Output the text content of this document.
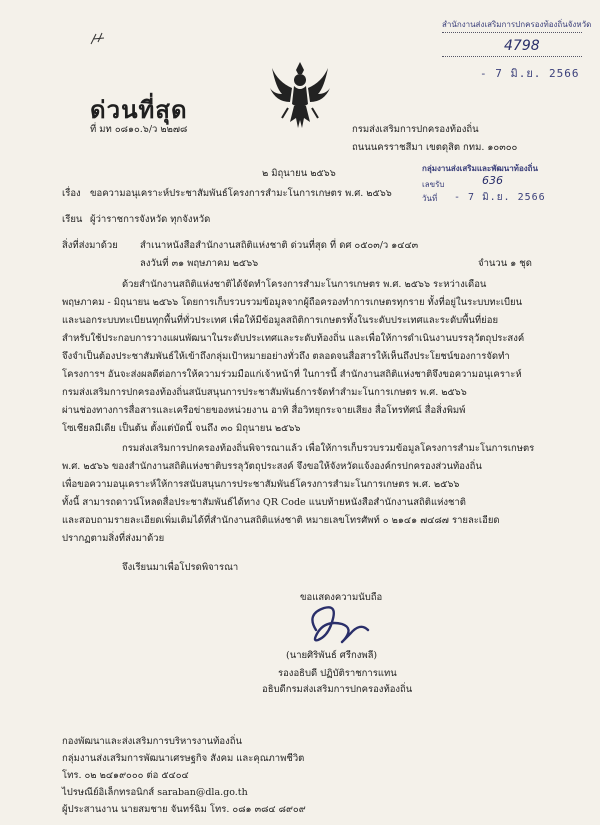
สำนักงานส่งเสริมการปกครองท้องถิ่นจังหวัด
4798
- 7 มิ.ย. 2566
ด่วนที่สุด
ที่ มท ๐๘๑๐.๖/ว ๒๒๗๘	กรมส่งเสริมการปกครองท้องถิ่น
ถนนนครราชสีมา เขตดุสิต กทม. ๑๐๓๐๐
๒ มิถุนายน ๒๕๖๖	กลุ่มงานส่งเสริมและพัฒนาท้องถิ่น
เลขรับ	636
วันที่ - 7 มิ.ย. 2566
เรื่อง ขอความอนุเคราะห์ประชาสัมพันธ์โครงการสำมะโนการเกษตร พ.ศ. ๒๕๖๖
เรียน ผู้ว่าราชการจังหวัด ทุกจังหวัด
สิ่งที่ส่งมาด้วย สำเนาหนังสือสำนักงานสถิติแห่งชาติ ด่วนที่สุด ที่ ดศ ๐๕๐๓/ว ๑๔๔๓
ลงวันที่ ๓๑ พฤษภาคม ๒๕๖๖	จำนวน ๑ ชุด
ด้วยสำนักงานสถิติแห่งชาติได้จัดทำโครงการสำมะโนการเกษตร พ.ศ. ๒๕๖๖ ระหว่างเดือน
พฤษภาคม - มิถุนายน ๒๕๖๖ โดยการเก็บรวบรวมข้อมูลจากผู้ถือครองทำการเกษตรทุกราย ทั้งที่อยู่ในระบบทะเบียน
และนอกระบบทะเบียนทุกพื้นที่ทั่วประเทศ เพื่อให้มีข้อมูลสถิติการเกษตรทั้งในระดับประเทศและระดับพื้นที่ย่อย
สำหรับใช้ประกอบการวางแผนพัฒนาในระดับประเทศและระดับท้องถิ่น และเพื่อให้การดำเนินงานบรรลุวัตถุประสงค์
จึงจำเป็นต้องประชาสัมพันธ์ให้เข้าถึงกลุ่มเป้าหมายอย่างทั่วถึง ตลอดจนสื่อสารให้เห็นถึงประโยชน์ของการจัดทำ
โครงการฯ อันจะส่งผลดีต่อการให้ความร่วมมือแก่เจ้าหน้าที่ ในการนี้ สำนักงานสถิติแห่งชาติจึงขอความอนุเคราะห์
กรมส่งเสริมการปกครองท้องถิ่นสนับสนุนการประชาสัมพันธ์การจัดทำสำมะโนการเกษตร พ.ศ. ๒๕๖๖
ผ่านช่องทางการสื่อสารและเครือข่ายของหน่วยงาน อาทิ สื่อวิทยุกระจายเสียง สื่อโทรทัศน์ สื่อสิ่งพิมพ์
โซเชียลมีเดีย เป็นต้น ตั้งแต่บัดนี้ จนถึง ๓๐ มิถุนายน ๒๕๖๖
กรมส่งเสริมการปกครองท้องถิ่นพิจารณาแล้ว เพื่อให้การเก็บรวบรวมข้อมูลโครงการสำมะโนการเกษตร
พ.ศ. ๒๕๖๖ ของสำนักงานสถิติแห่งชาติบรรลุวัตถุประสงค์ จึงขอให้จังหวัดแจ้งองค์กรปกครองส่วนท้องถิ่น
เพื่อขอความอนุเคราะห์ให้การสนับสนุนการประชาสัมพันธ์โครงการสำมะโนการเกษตร พ.ศ. ๒๕๖๖
ทั้งนี้ สามารถดาวน์โหลดสื่อประชาสัมพันธ์ได้ทาง QR Code แนบท้ายหนังสือสำนักงานสถิติแห่งชาติ
และสอบถามรายละเอียดเพิ่มเติมได้ที่สำนักงานสถิติแห่งชาติ หมายเลขโทรศัพท์ ๐ ๒๑๔๑ ๗๔๘๗ รายละเอียด
ปรากฏตามสิ่งที่ส่งมาด้วย
จึงเรียนมาเพื่อโปรดพิจารณา
ขอแสดงความนับถือ
(นายศิริพันธ์ ศรีกงพลี)
รองอธิบดี ปฏิบัติราชการแทน
อธิบดีกรมส่งเสริมการปกครองท้องถิ่น
กองพัฒนาและส่งเสริมการบริหารงานท้องถิ่น
กลุ่มงานส่งเสริมการพัฒนาเศรษฐกิจ สังคม และคุณภาพชีวิต
โทร. ๐๒ ๒๔๑๙๐๐๐ ต่อ ๕๔๐๔
ไปรษณีย์อิเล็กทรอนิกส์ saraban@dla.go.th
ผู้ประสานงาน นายสมชาย จันทร์ฉิม โทร. ๐๘๑ ๓๘๔ ๘๙๐๙
